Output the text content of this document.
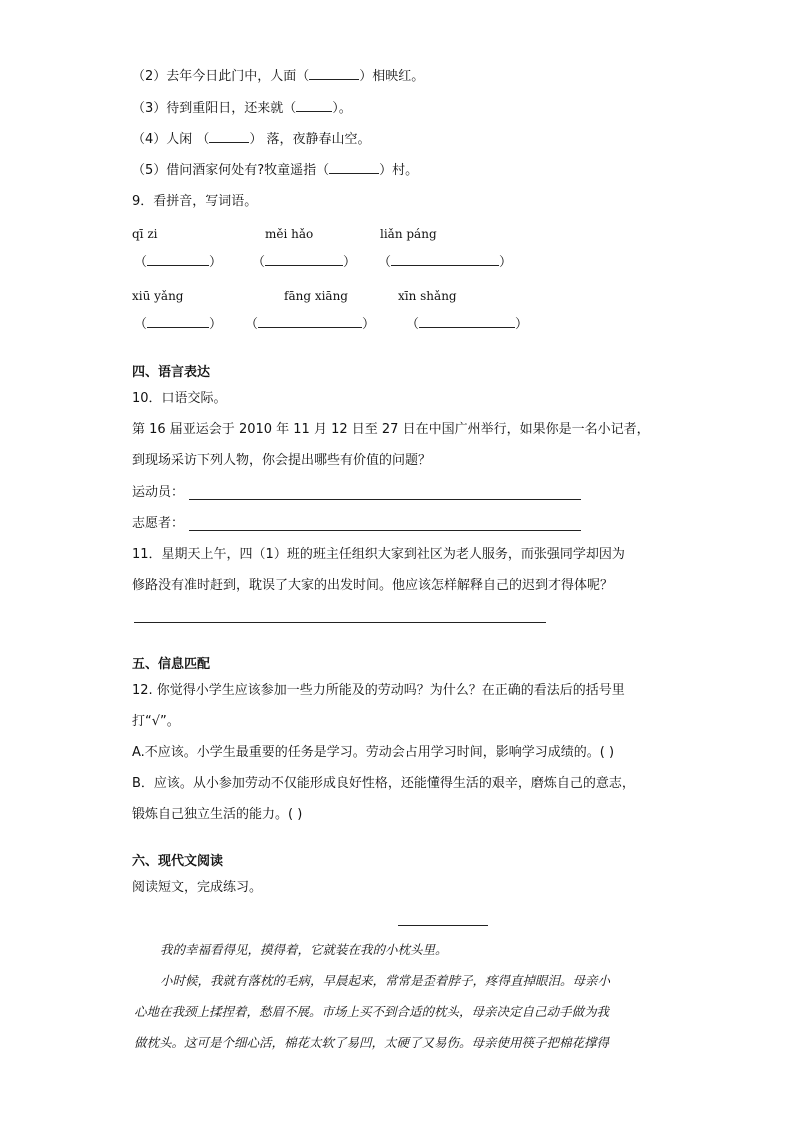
（2）去年今日此门中，人面（	）相映红。
（3）待到重阳日，还来就（	）。
（4）人闲 （	） 落，夜静春山空。
（5）借问酒家何处有?牧童遥指（	）村。
9．看拼音，写词语。
qī zi	měi hǎo	liǎn páng
（	） （	） （	）
xiū yǎng	fāng xiāng	xīn shǎng
（	） （	） （	）
四、语言表达
10．口语交际。
第 16 届亚运会于 2010 年 11 月 12 日至 27 日在中国广州举行，如果你是一名小记者，
到现场采访下列人物，你会提出哪些有价值的问题？
运动员：
志愿者：
11．星期天上午，四（1）班的班主任组织大家到社区为老人服务，而张强同学却因为
修路没有准时赶到，耽误了大家的出发时间。他应该怎样解释自己的迟到才得体呢？
五、信息匹配
12. 你觉得小学生应该参加一些力所能及的劳动吗？为什么？在正确的看法后的括号里
打“√”。
A.不应该。小学生最重要的任务是学习。劳动会占用学习时间，影响学习成绩的。( )
B．应该。从小参加劳动不仅能形成良好性格，还能懂得生活的艰辛，磨炼自己的意志，
锻炼自己独立生活的能力。( )
六、现代文阅读
阅读短文，完成练习。
我的幸福看得见，摸得着，它就装在我的小枕头里。
小时候，我就有落枕的毛病，早晨起来，常常是歪着脖子，疼得直掉眼泪。母亲小
心地在我颈上揉捏着，愁眉不展。市场上买不到合适的枕头，母亲决定自己动手做为我
做枕头。这可是个细心活，棉花太软了易凹，太硬了又易伤。母亲使用筷子把棉花撑得
